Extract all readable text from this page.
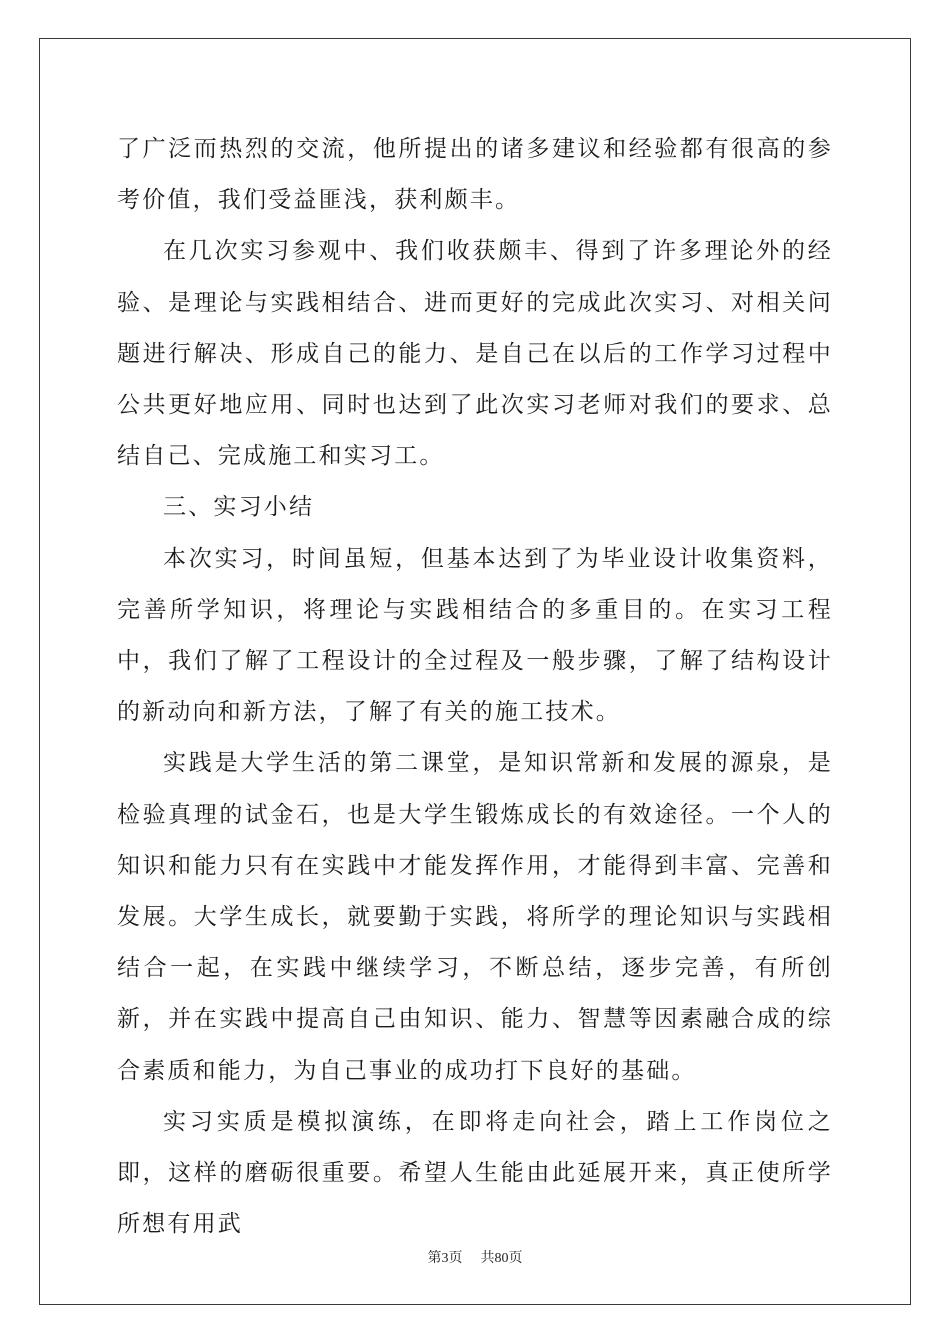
了广泛而热烈的交流，他所提出的诸多建议和经验都有很高的参考价值，我们受益匪浅，获利颇丰。

在几次实习参观中、我们收获颇丰、得到了许多理论外的经验、是理论与实践相结合、进而更好的完成此次实习、对相关问题进行解决、形成自己的能力、是自己在以后的工作学习过程中公共更好地应用、同时也达到了此次实习老师对我们的要求、总结自己、完成施工和实习工。

三、实习小结

本次实习，时间虽短，但基本达到了为毕业设计收集资料，完善所学知识，将理论与实践相结合的多重目的。在实习工程中，我们了解了工程设计的全过程及一般步骤，了解了结构设计的新动向和新方法，了解了有关的施工技术。

实践是大学生活的第二课堂，是知识常新和发展的源泉，是检验真理的试金石，也是大学生锻炼成长的有效途径。一个人的知识和能力只有在实践中才能发挥作用，才能得到丰富、完善和发展。大学生成长，就要勤于实践，将所学的理论知识与实践相结合一起，在实践中继续学习，不断总结，逐步完善，有所创新，并在实践中提高自己由知识、能力、智慧等因素融合成的综合素质和能力，为自己事业的成功打下良好的基础。

实习实质是模拟演练，在即将走向社会，踏上工作岗位之即，这样的磨砺很重要。希望人生能由此延展开来，真正使所学所想有用武

第3页 共80页
